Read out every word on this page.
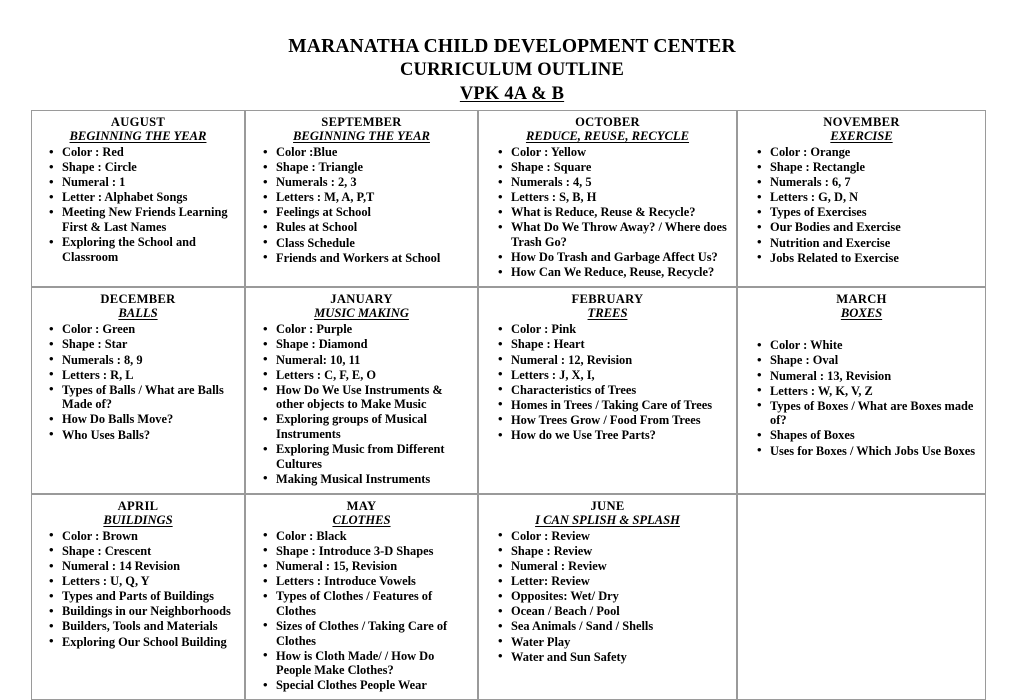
MARANATHA CHILD DEVELOPMENT CENTER
CURRICULUM OUTLINE
VPK 4A & B
AUGUST
BEGINNING THE YEAR
• Color : Red
• Shape : Circle
• Numeral : 1
• Letter : Alphabet Songs
• Meeting New Friends Learning First & Last Names
• Exploring the School and Classroom

SEPTEMBER
BEGINNING THE YEAR
• Color :Blue
• Shape : Triangle
• Numerals : 2, 3
• Letters : M, A, P,T
• Feelings at School
• Rules at School
• Class Schedule
• Friends and Workers at School

OCTOBER
REDUCE, REUSE, RECYCLE
• Color : Yellow
• Shape : Square
• Numerals : 4, 5
• Letters : S, B, H
• What is Reduce, Reuse & Recycle?
• What Do We Throw Away? / Where does Trash Go?
• How Do Trash and Garbage Affect Us?
• How Can We Reduce, Reuse, Recycle?

NOVEMBER
EXERCISE
• Color : Orange
• Shape : Rectangle
• Numerals : 6, 7
• Letters : G, D, N
• Types of Exercises
• Our Bodies and Exercise
• Nutrition and Exercise
• Jobs Related to Exercise

DECEMBER
BALLS
• Color : Green
• Shape : Star
• Numerals : 8, 9
• Letters : R, L
• Types of Balls / What are Balls Made of?
• How Do Balls Move?
• Who Uses Balls?

JANUARY
MUSIC MAKING
• Color : Purple
• Shape : Diamond
• Numeral: 10, 11
• Letters : C, F, E, O
• How Do We Use Instruments & other objects to Make Music
• Exploring groups of Musical Instruments
• Exploring Music from Different Cultures
• Making Musical Instruments

FEBRUARY
TREES
• Color : Pink
• Shape : Heart
• Numeral : 12, Revision
• Letters : J, X, I,
• Characteristics of Trees
• Homes in Trees / Taking Care of Trees
• How Trees Grow / Food From Trees
• How do we Use Tree Parts?

MARCH
BOXES
• Color : White
• Shape : Oval
• Numeral : 13, Revision
• Letters : W, K, V, Z
• Types of Boxes / What are Boxes made of?
• Shapes of Boxes
• Uses for Boxes / Which Jobs Use Boxes

APRIL
BUILDINGS
• Color : Brown
• Shape : Crescent
• Numeral : 14 Revision
• Letters : U, Q, Y
• Types and Parts of Buildings
• Buildings in our Neighborhoods
• Builders, Tools and Materials
• Exploring Our School Building

MAY
CLOTHES
• Color : Black
• Shape : Introduce 3-D Shapes
• Numeral : 15, Revision
• Letters : Introduce Vowels
• Types of Clothes / Features of Clothes
• Sizes of Clothes / Taking Care of Clothes
• How is Cloth Made/ / How Do People Make Clothes?
• Special Clothes People Wear

JUNE
I CAN SPLISH & SPLASH
• Color : Review
• Shape : Review
• Numeral : Review
• Letter: Review
• Opposites: Wet/ Dry
• Ocean / Beach / Pool
• Sea Animals / Sand / Shells
• Water Play
• Water and Sun Safety
